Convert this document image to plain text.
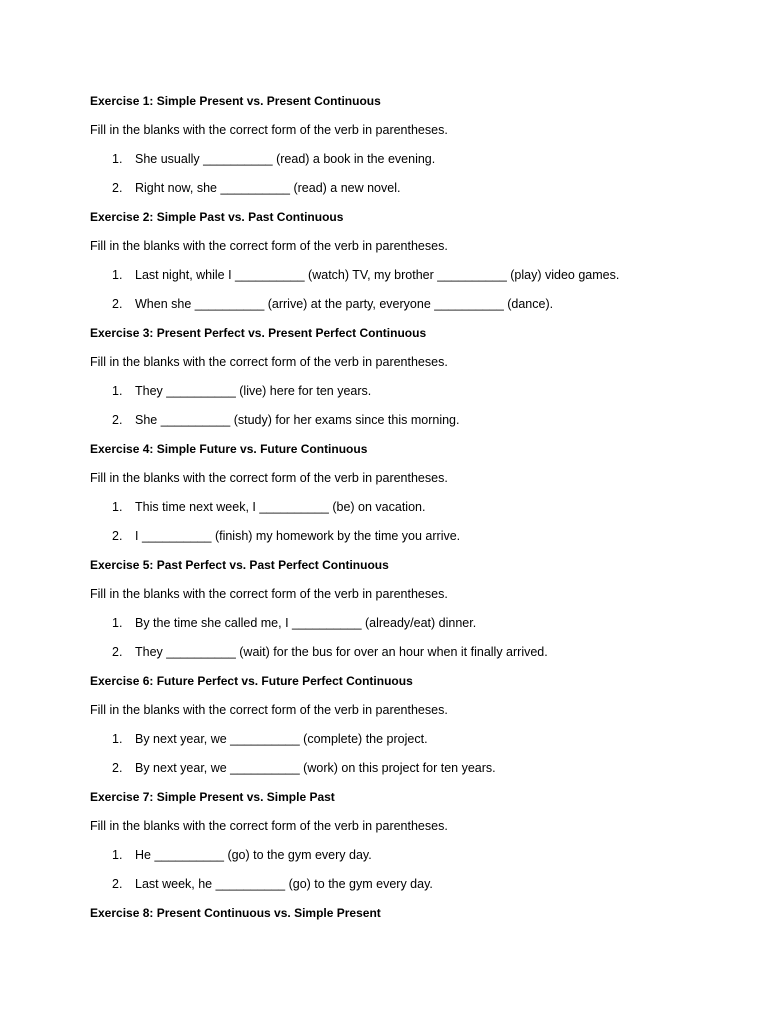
Exercise 1: Simple Present vs. Present Continuous
Fill in the blanks with the correct form of the verb in parentheses.
1. She usually __________ (read) a book in the evening.
2. Right now, she __________ (read) a new novel.
Exercise 2: Simple Past vs. Past Continuous
Fill in the blanks with the correct form of the verb in parentheses.
1. Last night, while I __________ (watch) TV, my brother __________ (play) video games.
2. When she __________ (arrive) at the party, everyone __________ (dance).
Exercise 3: Present Perfect vs. Present Perfect Continuous
Fill in the blanks with the correct form of the verb in parentheses.
1. They __________ (live) here for ten years.
2. She __________ (study) for her exams since this morning.
Exercise 4: Simple Future vs. Future Continuous
Fill in the blanks with the correct form of the verb in parentheses.
1. This time next week, I __________ (be) on vacation.
2. I __________ (finish) my homework by the time you arrive.
Exercise 5: Past Perfect vs. Past Perfect Continuous
Fill in the blanks with the correct form of the verb in parentheses.
1. By the time she called me, I __________ (already/eat) dinner.
2. They __________ (wait) for the bus for over an hour when it finally arrived.
Exercise 6: Future Perfect vs. Future Perfect Continuous
Fill in the blanks with the correct form of the verb in parentheses.
1. By next year, we __________ (complete) the project.
2. By next year, we __________ (work) on this project for ten years.
Exercise 7: Simple Present vs. Simple Past
Fill in the blanks with the correct form of the verb in parentheses.
1. He __________ (go) to the gym every day.
2. Last week, he __________ (go) to the gym every day.
Exercise 8: Present Continuous vs. Simple Present
